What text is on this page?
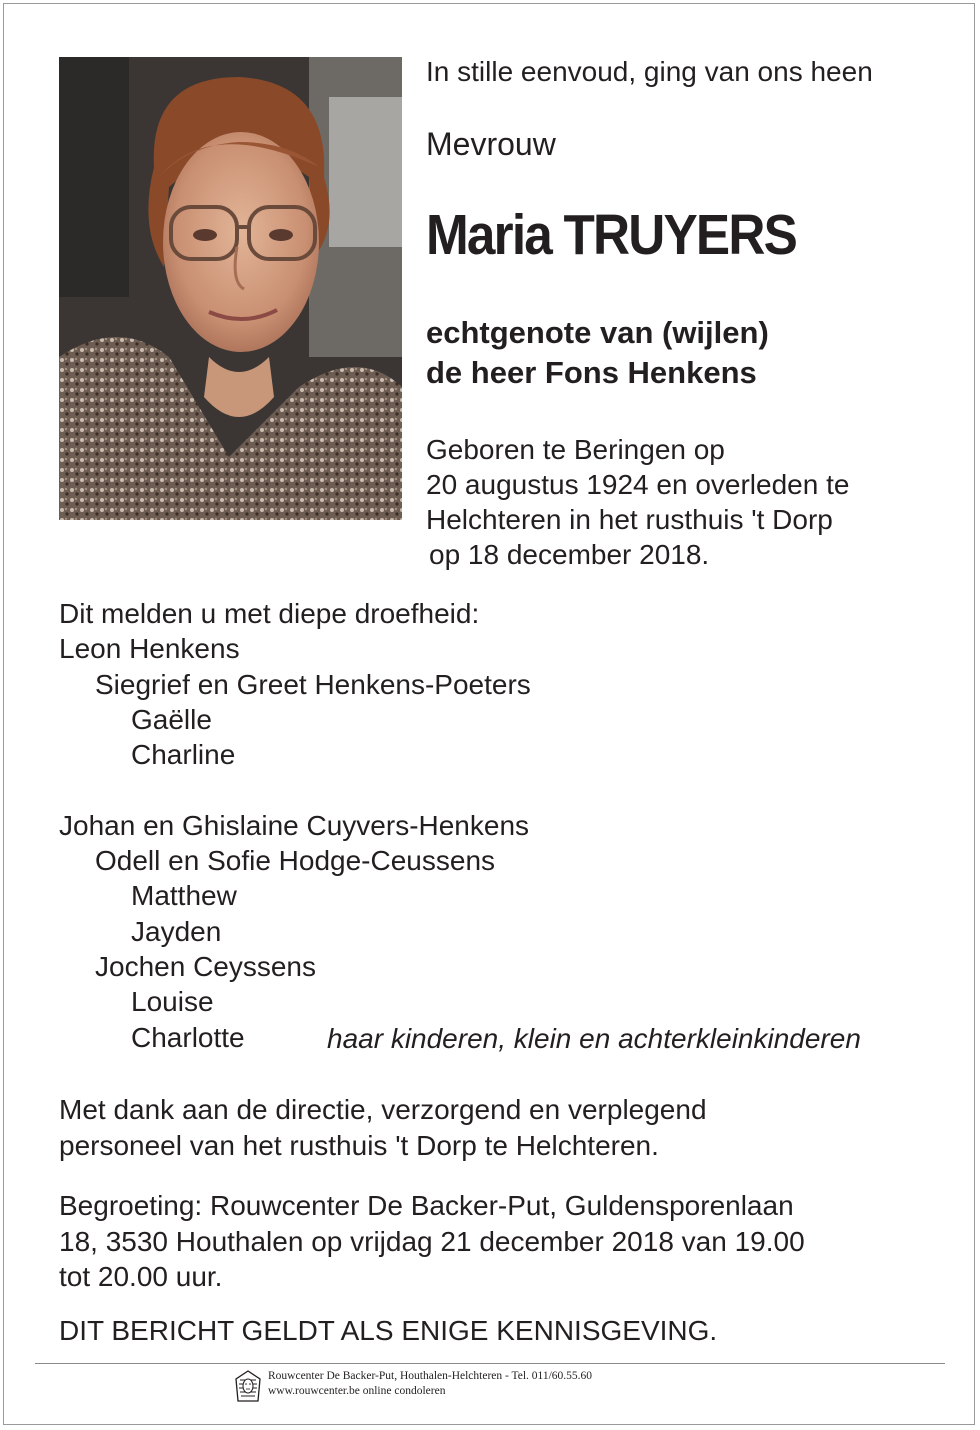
In stille eenvoud, ging van ons heen
Mevrouw
Maria TRUYERS
echtgenote van (wijlen)
de heer Fons Henkens
Geboren te Beringen op
20 augustus 1924 en overleden te
Helchteren in het rusthuis 't Dorp
op 18 december 2018.
Dit melden u met diepe droefheid:
Leon Henkens
Siegrief en Greet Henkens-Poeters
Gaëlle
Charline
Johan en Ghislaine Cuyvers-Henkens
Odell en Sofie Hodge-Ceussens
Matthew
Jayden
Jochen Ceyssens
Louise
Charlotte	haar kinderen, klein en achterkleinkinderen
Met dank aan de directie, verzorgend en verplegend
personeel van het rusthuis 't Dorp te Helchteren.
Begroeting: Rouwcenter De Backer-Put, Guldensporenlaan
18, 3530 Houthalen op vrijdag 21 december 2018 van 19.00
tot 20.00 uur.
DIT BERICHT GELDT ALS ENIGE KENNISGEVING.
Rouwcenter De Backer-Put, Houthalen-Helchteren - Tel. 011/60.55.60
www.rouwcenter.be online condoleren
